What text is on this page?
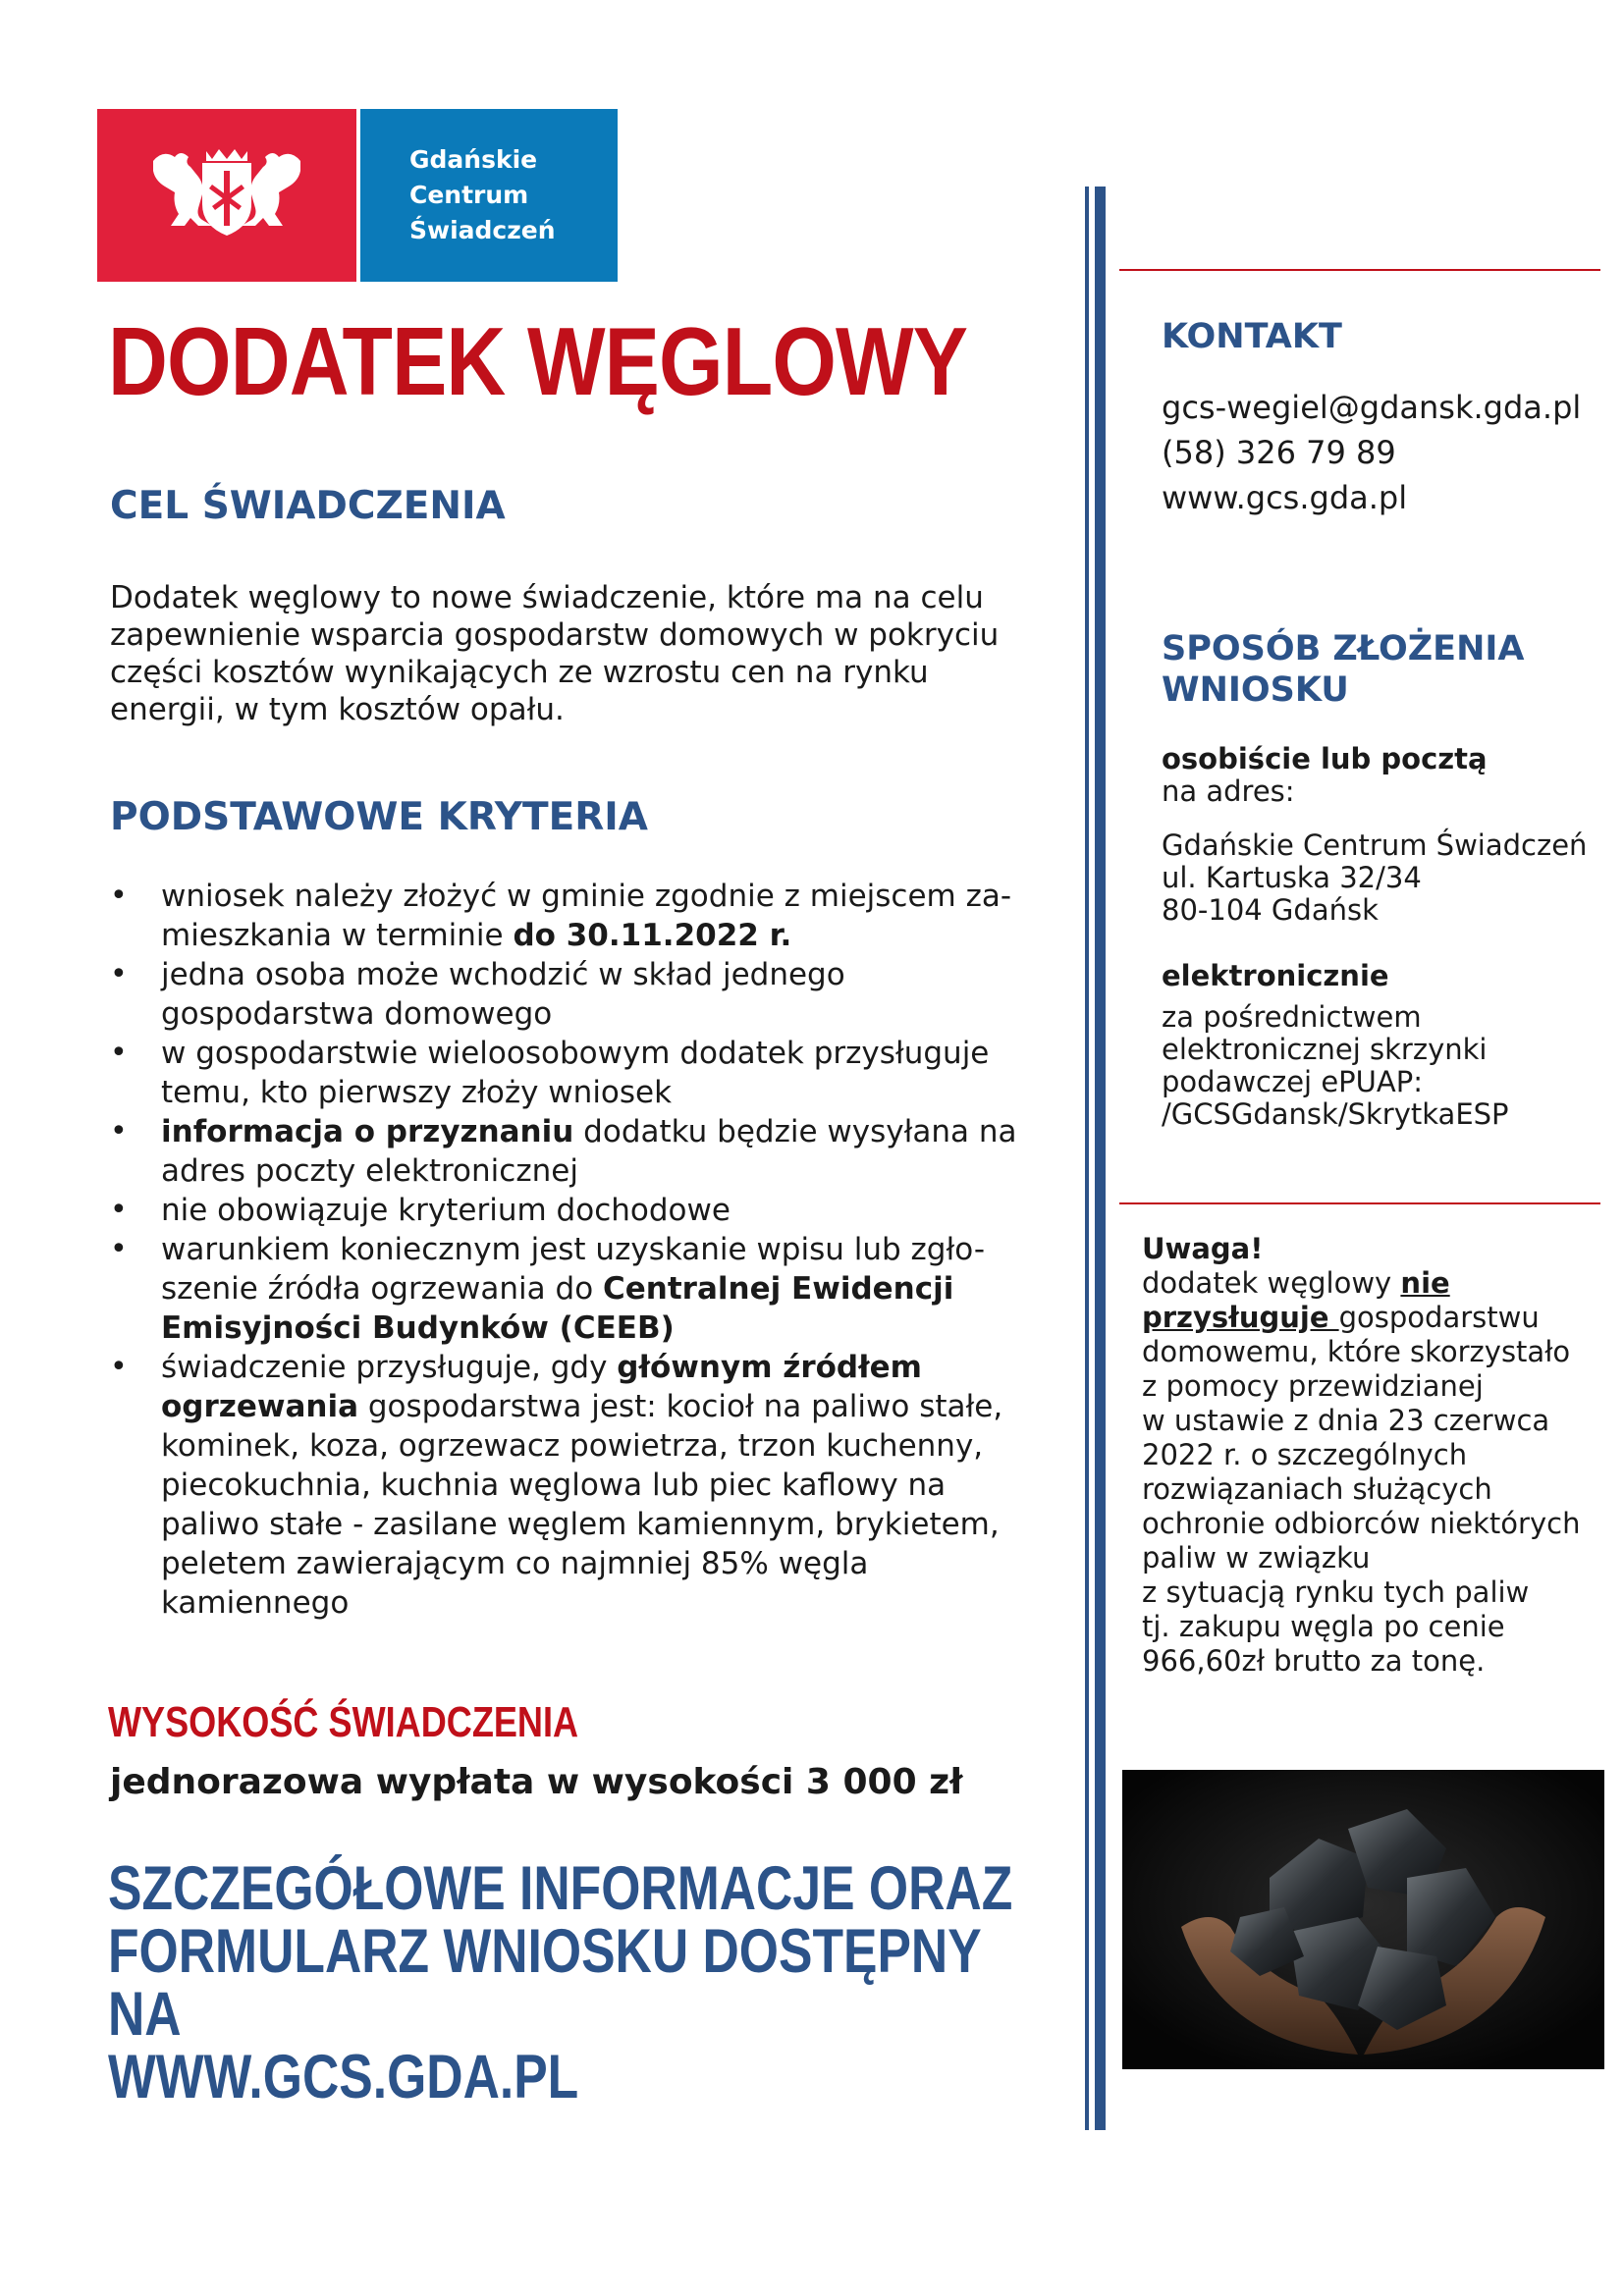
Gdańskie
Centrum
Świadczeń
DODATEK WĘGLOWY
CEL ŚWIADCZENIA
Dodatek węglowy to nowe świadczenie, które ma na celu
zapewnienie wsparcia gospodarstw domowych w pokryciu
części kosztów wynikających ze wzrostu cen na rynku
energii, w tym kosztów opału.
PODSTAWOWE KRYTERIA
• wniosek należy złożyć w gminie zgodnie z miejscem za-
mieszkania w terminie do 30.11.2022 r.
• jedna osoba może wchodzić w skład jednego
gospodarstwa domowego
• w gospodarstwie wieloosobowym dodatek przysługuje
temu, kto pierwszy złoży wniosek
• informacja o przyznaniu dodatku będzie wysyłana na
adres poczty elektronicznej
• nie obowiązuje kryterium dochodowe
• warunkiem koniecznym jest uzyskanie wpisu lub zgło-
szenie źródła ogrzewania do Centralnej Ewidencji
Emisyjności Budynków (CEEB)
• świadczenie przysługuje, gdy głównym źródłem
ogrzewania gospodarstwa jest: kocioł na paliwo stałe,
kominek, koza, ogrzewacz powietrza, trzon kuchenny,
piecokuchnia, kuchnia węglowa lub piec kaflowy na
paliwo stałe - zasilane węglem kamiennym, brykietem,
peletem zawierającym co najmniej 85% węgla
kamiennego
WYSOKOŚĆ ŚWIADCZENIA
jednorazowa wypłata w wysokości 3 000 zł
SZCZEGÓŁOWE INFORMACJE ORAZ
FORMULARZ WNIOSKU DOSTĘPNY NA
WWW.GCS.GDA.PL
KONTAKT
gcs-wegiel@gdansk.gda.pl
(58) 326 79 89
www.gcs.gda.pl
SPOSÓB ZŁOŻENIA WNIOSKU
osobiście lub pocztą
na adres:
Gdańskie Centrum Świadczeń
ul. Kartuska 32/34
80-104 Gdańsk
elektronicznie
za pośrednictwem
elektronicznej skrzynki
podawczej ePUAP:
/GCSGdansk/SkrytkaESP
Uwaga!
dodatek węglowy nie
przysługuje gospodarstwu
domowemu, które skorzystało
z pomocy przewidzianej
w ustawie z dnia 23 czerwca
2022 r. o szczególnych
rozwiązaniach służących
ochronie odbiorców niektórych
paliw w związku
z sytuacją rynku tych paliw
tj. zakupu węgla po cenie
966,60zł brutto za tonę.
